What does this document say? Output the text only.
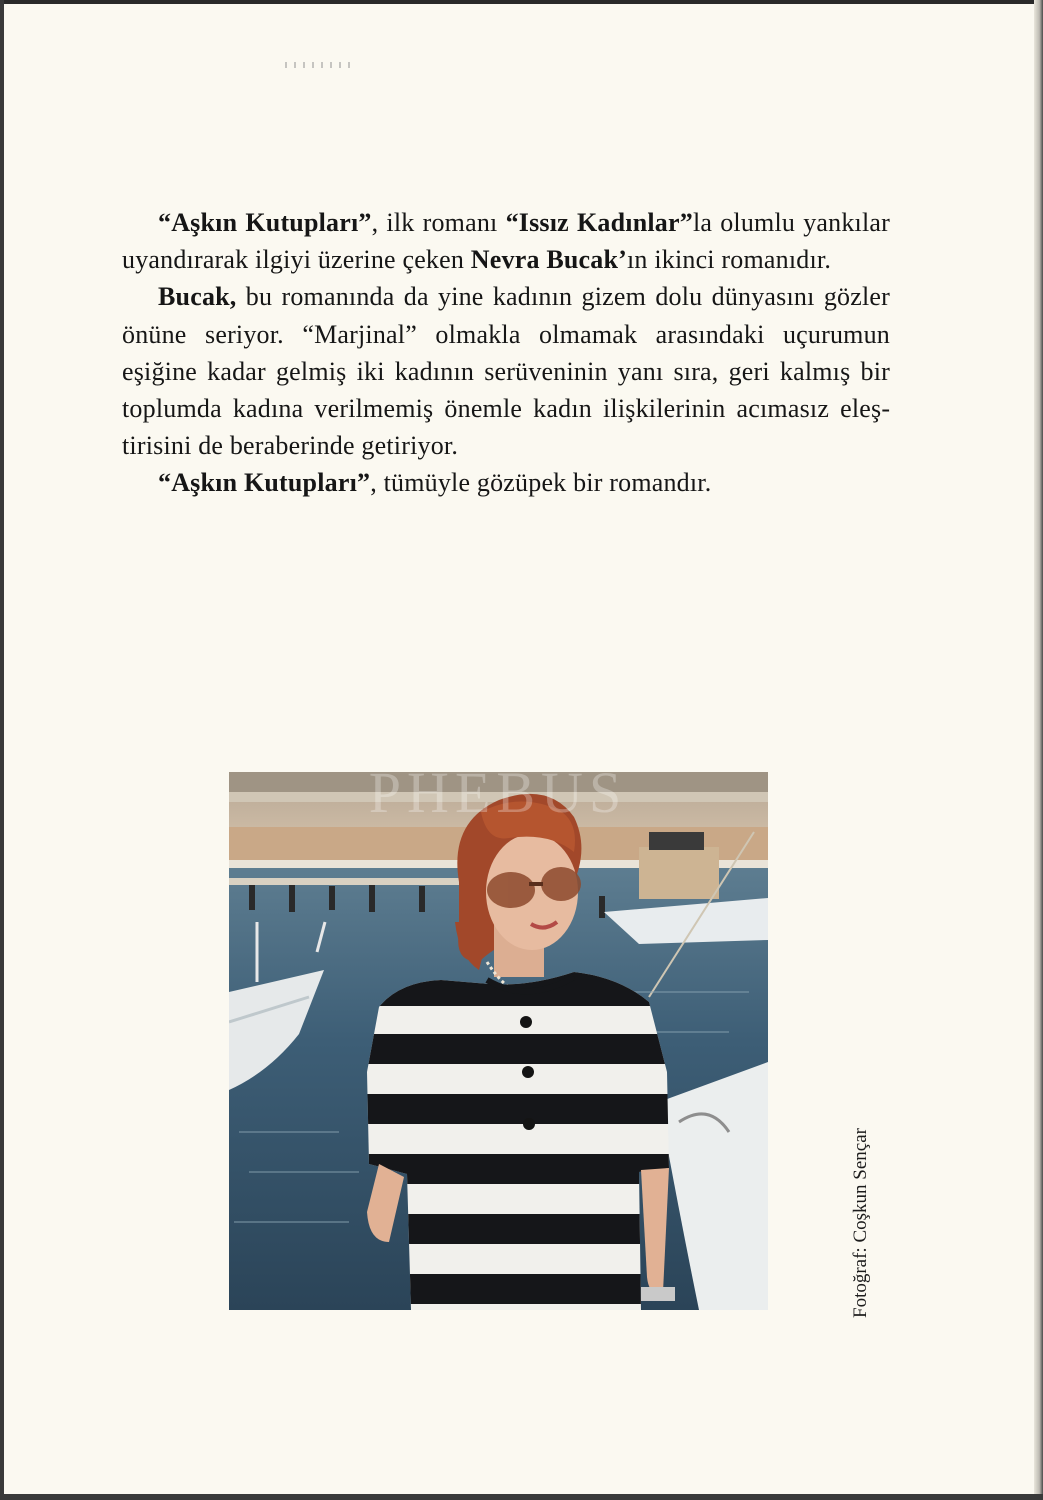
“Aşkın Kutupları”, ilk romanı “Issız Kadınlar”la olumlu yankılar uyandırarak ilgiyi üzerine çeken Nevra Bucak’ın ikinci romanıdır.

Bucak, bu romanında da yine kadının gizem dolu dünyasını gözler önüne seriyor. “Marjinal” olmakla olmamak arasındaki uçurumun eşiğine kadar gelmiş iki kadının serüveninin yanı sıra, geri kalmış bir toplumda kadına verilmemiş önemle kadın ilişkilerinin acımasız eleştirisini de beraberinde getiriyor.

“Aşkın Kutupları”, tümüyle gözüpek bir romandır.

PHEBUS
Fotoğraf: Coşkun Sençar
